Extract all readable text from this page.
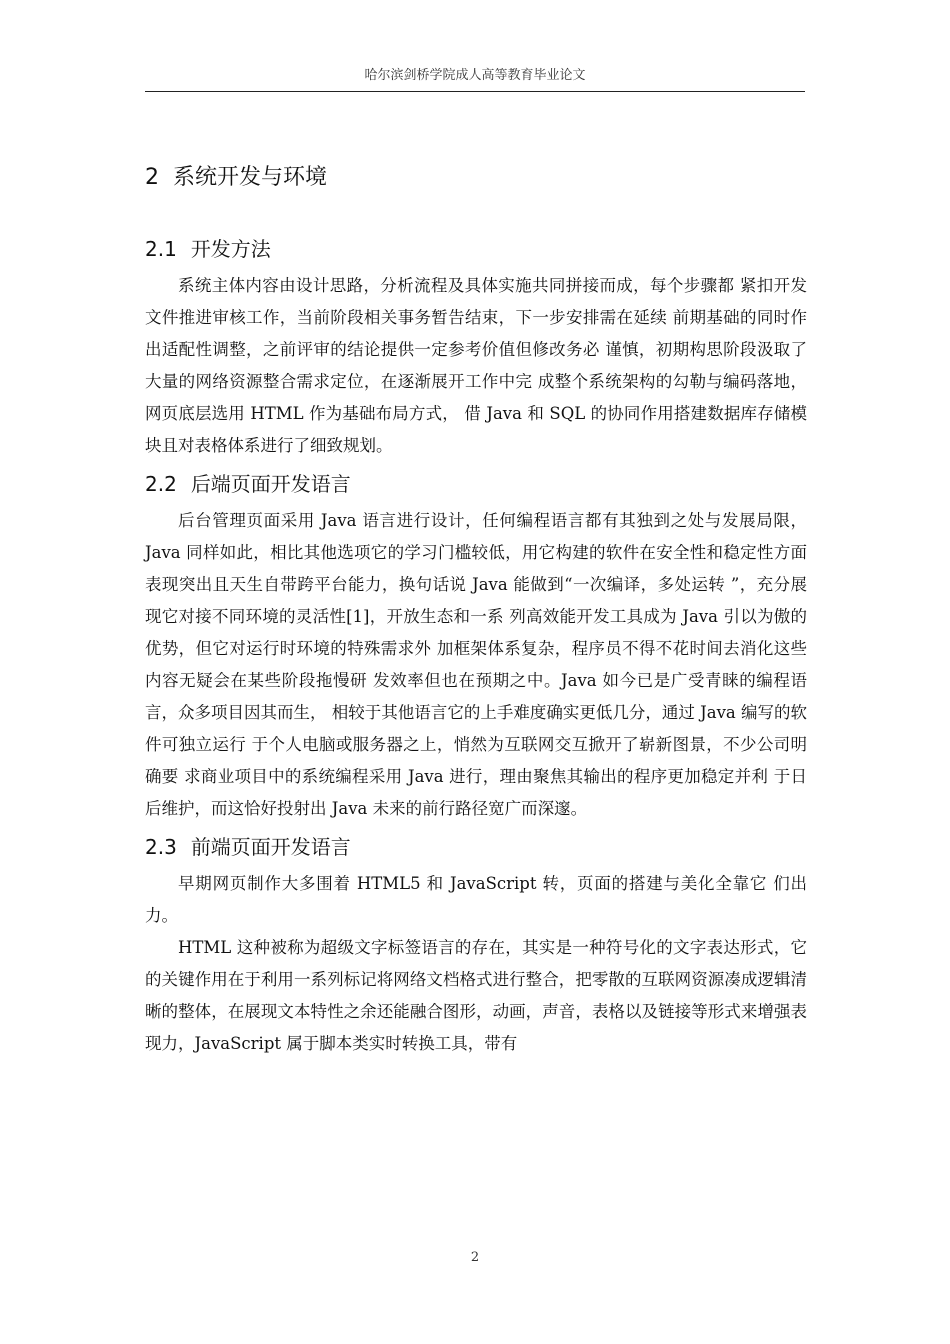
哈尔滨剑桥学院成人高等教育毕业论文
2 系统开发与环境
2.1 开发方法

系统主体内容由设计思路，分析流程及具体实施共同拼接而成，每个步骤都 紧扣开发文件推进审核工作，当前阶段相关事务暂告结束，下一步安排需在延续 前期基础的同时作出适配性调整，之前评审的结论提供一定参考价值但修改务必 谨慎，初期构思阶段汲取了大量的网络资源整合需求定位，在逐渐展开工作中完 成整个系统架构的勾勒与编码落地，网页底层选用 HTML 作为基础布局方式， 借 Java 和 SQL 的协同作用搭建数据库存储模块且对表格体系进行了细致规划。

2.2 后端页面开发语言

后台管理页面采用 Java 语言进行设计，任何编程语言都有其独到之处与发展局限，Java 同样如此，相比其他选项它的学习门槛较低，用它构建的软件在安全性和稳定性方面表现突出且天生自带跨平台能力，换句话说 Java 能做到“一次编译，多处运转 ”，充分展现它对接不同环境的灵活性[1]，开放生态和一系 列高效能开发工具成为 Java 引以为傲的优势，但它对运行时环境的特殊需求外 加框架体系复杂，程序员不得不花时间去消化这些内容无疑会在某些阶段拖慢研 发效率但也在预期之中。Java 如今已是广受青睐的编程语言，众多项目因其而生， 相较于其他语言它的上手难度确实更低几分，通过 Java 编写的软件可独立运行 于个人电脑或服务器之上，悄然为互联网交互掀开了崭新图景，不少公司明确要 求商业项目中的系统编程采用 Java 进行，理由聚焦其输出的程序更加稳定并利 于日后维护，而这恰好投射出 Java 未来的前行路径宽广而深邃。

2.3 前端页面开发语言

早期网页制作大多围着 HTML5 和 JavaScript 转，页面的搭建与美化全靠它 们出力。

HTML 这种被称为超级文字标签语言的存在，其实是一种符号化的文字表达形式，它的关键作用在于利用一系列标记将网络文档格式进行整合，把零散的互联网资源凑成逻辑清晰的整体，在展现文本特性之余还能融合图形，动画，声音，表格以及链接等形式来增强表现力，JavaScript 属于脚本类实时转换工具，带有

2
